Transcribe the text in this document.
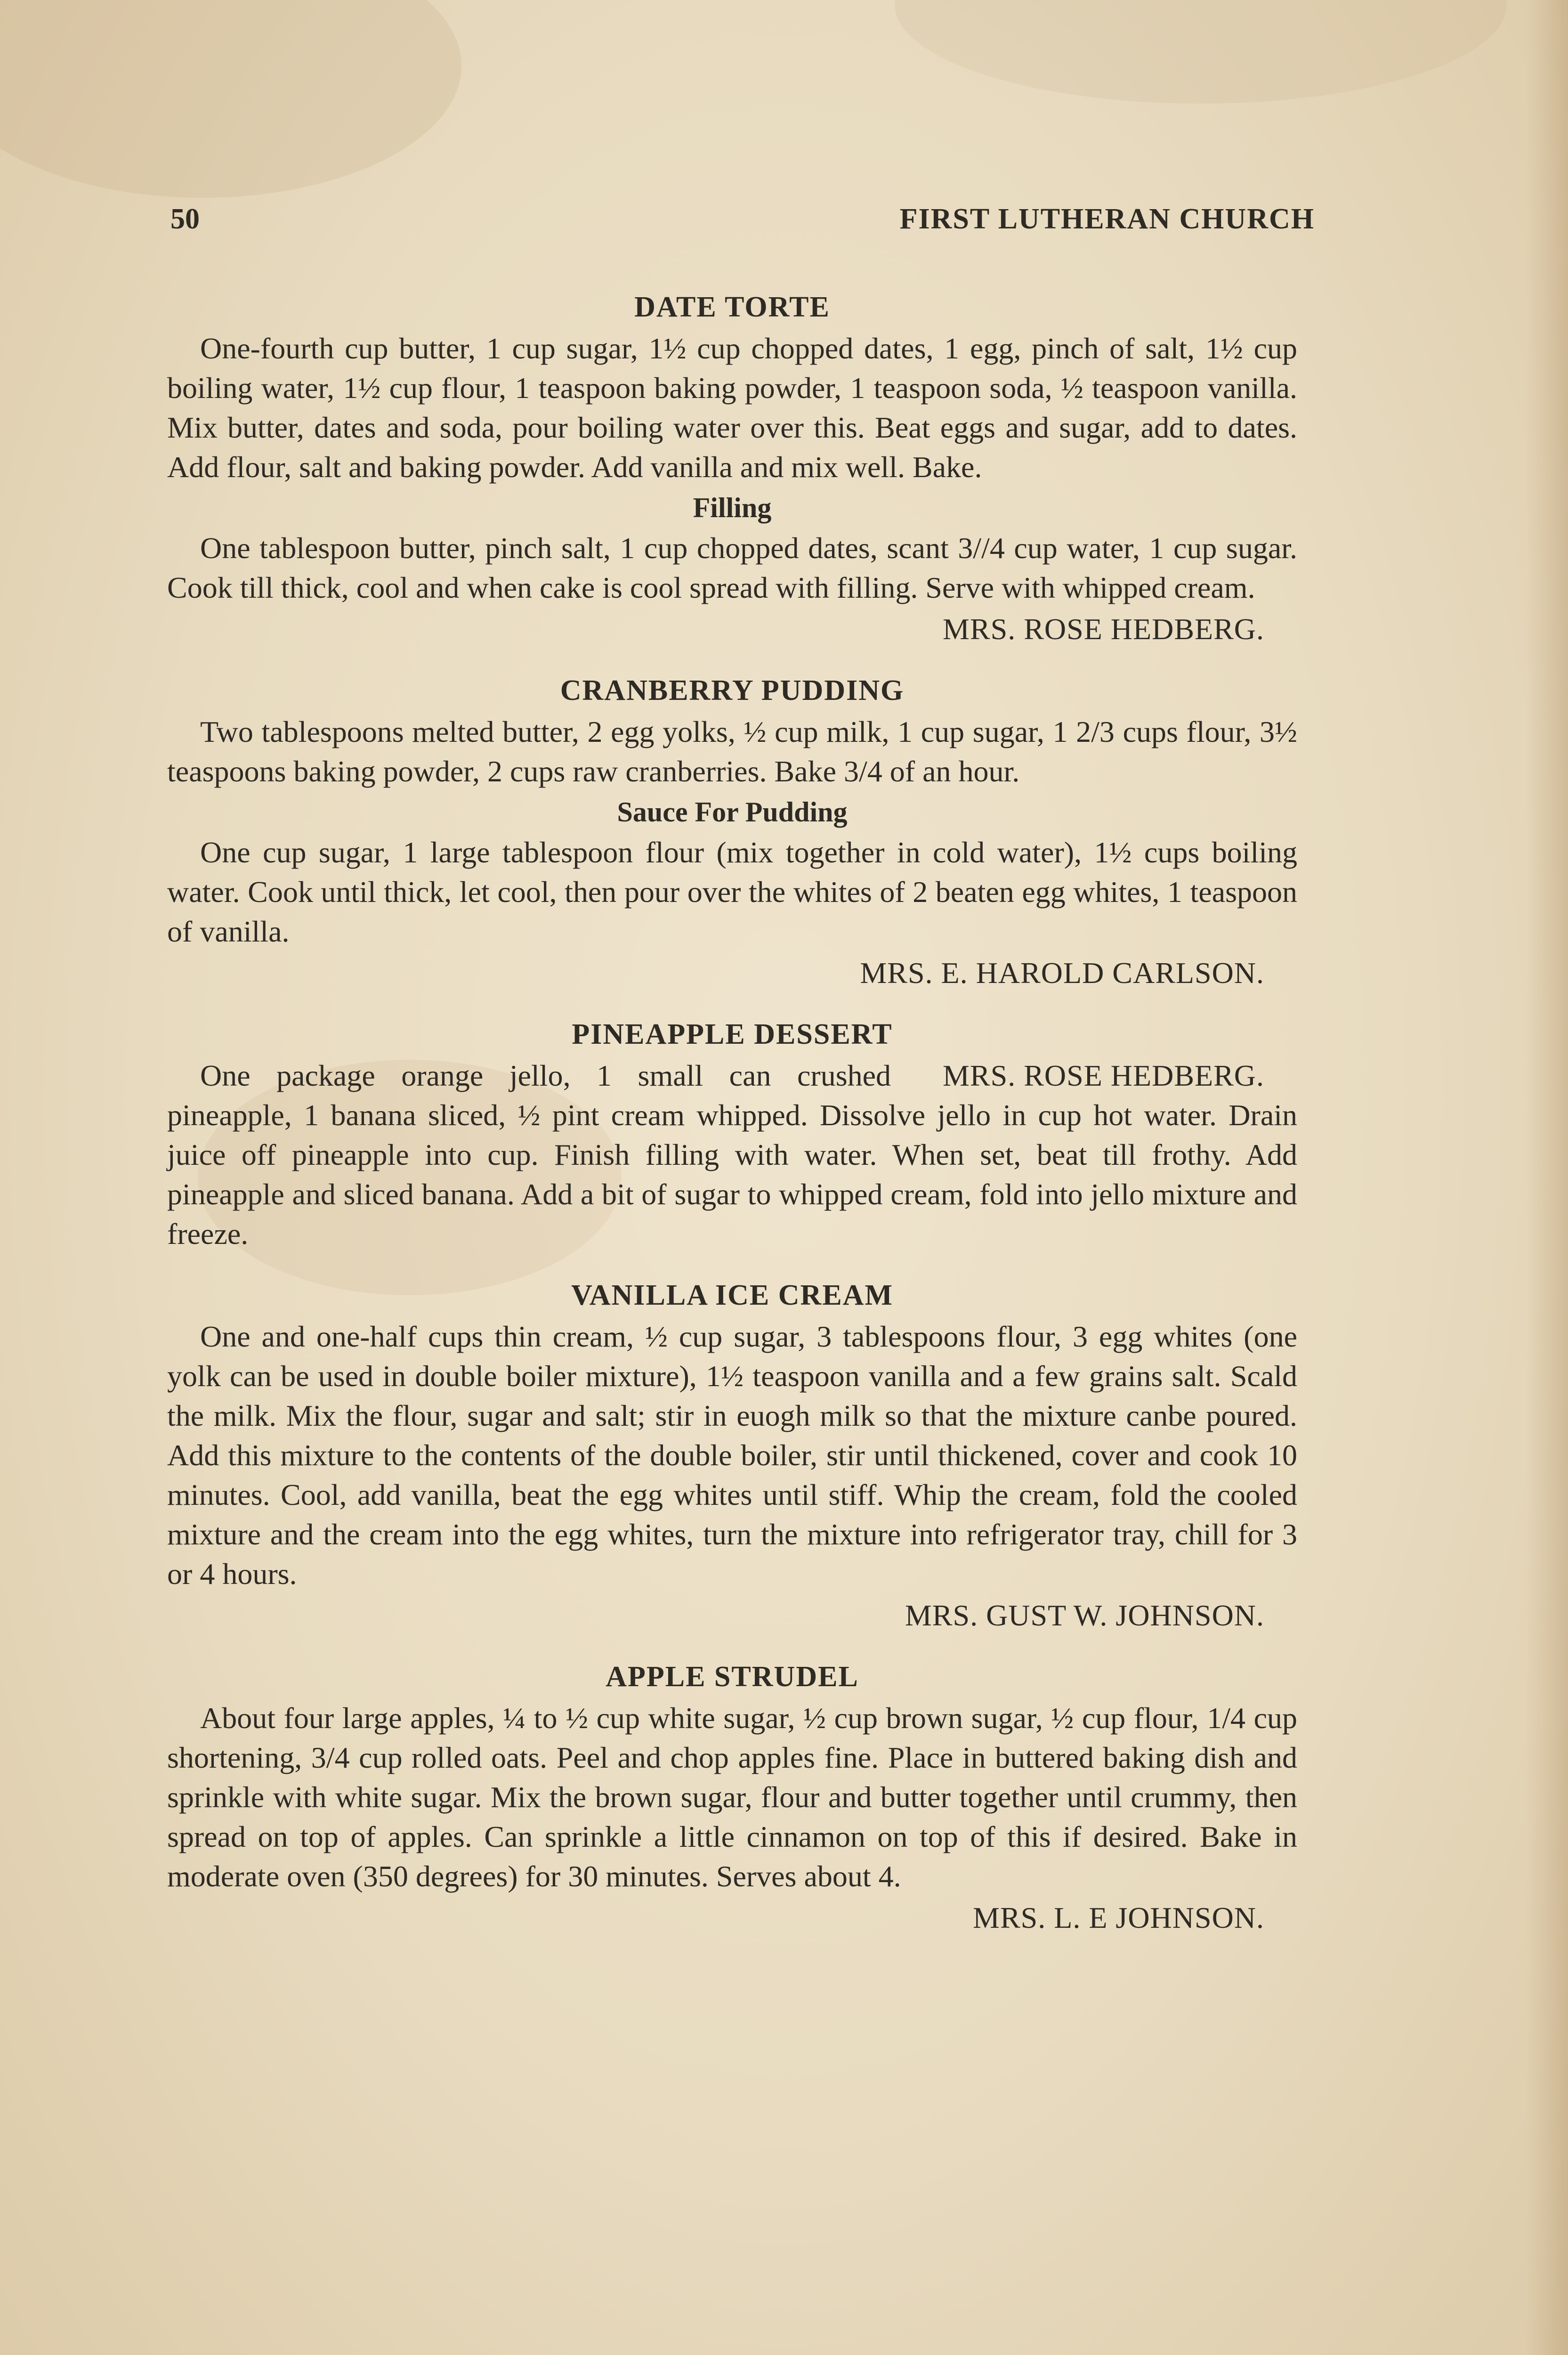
50	FIRST LUTHERAN CHURCH
DATE TORTE

One-fourth cup butter, 1 cup sugar, 1½ cup chopped dates, 1 egg, pinch of salt, 1½ cup boiling water, 1½ cup flour, 1 teaspoon baking powder, 1 teaspoon soda, ½ teaspoon vanilla. Mix butter, dates and soda, pour boiling water over this. Beat eggs and sugar, add to dates. Add flour, salt and baking powder. Add vanilla and mix well. Bake.

Filling

One tablespoon butter, pinch salt, 1 cup chopped dates, scant 3//4 cup water, 1 cup sugar. Cook till thick, cool and when cake is cool spread with filling. Serve with whipped cream.

MRS. ROSE HEDBERG.
CRANBERRY PUDDING

Two tablespoons melted butter, 2 egg yolks, ½ cup milk, 1 cup sugar, 1 2/3 cups flour, 3½ teaspoons baking powder, 2 cups raw cranberries. Bake 3/4 of an hour.

Sauce For Pudding

One cup sugar, 1 large tablespoon flour (mix together in cold water), 1½ cups boiling water. Cook until thick, let cool, then pour over the whites of 2 beaten egg whites, 1 teaspoon of vanilla.

MRS. E. HAROLD CARLSON.
PINEAPPLE DESSERT

MRS. ROSE HEDBERG.
One package orange jello, 1 small can crushed pineapple, 1 banana sliced, ½ pint cream whipped. Dissolve jello in cup hot water. Drain juice off pineapple into cup. Finish filling with water. When set, beat till frothy. Add pineapple and sliced banana. Add a bit of sugar to whipped cream, fold into jello mixture and freeze.

VANILLA ICE CREAM

One and one-half cups thin cream, ½ cup sugar, 3 tablespoons flour, 3 egg whites (one yolk can be used in double boiler mixture), 1½ teaspoon vanilla and a few grains salt. Scald the milk. Mix the flour, sugar and salt; stir in euogh milk so that the mixture canbe poured. Add this mixture to the contents of the double boiler, stir until thickened, cover and cook 10 minutes. Cool, add vanilla, beat the egg whites until stiff. Whip the cream, fold the cooled mixture and the cream into the egg whites, turn the mixture into refrigerator tray, chill for 3 or 4 hours.

MRS. GUST W. JOHNSON.
APPLE STRUDEL

About four large apples, ¼ to ½ cup white sugar, ½ cup brown sugar, ½ cup flour, 1/4 cup shortening, 3/4 cup rolled oats. Peel and chop apples fine. Place in buttered baking dish and sprinkle with white sugar. Mix the brown sugar, flour and butter together until crummy, then spread on top of apples. Can sprinkle a little cinnamon on top of this if desired. Bake in moderate oven (350 degrees) for 30 minutes. Serves about 4.

MRS. L. E JOHNSON.
